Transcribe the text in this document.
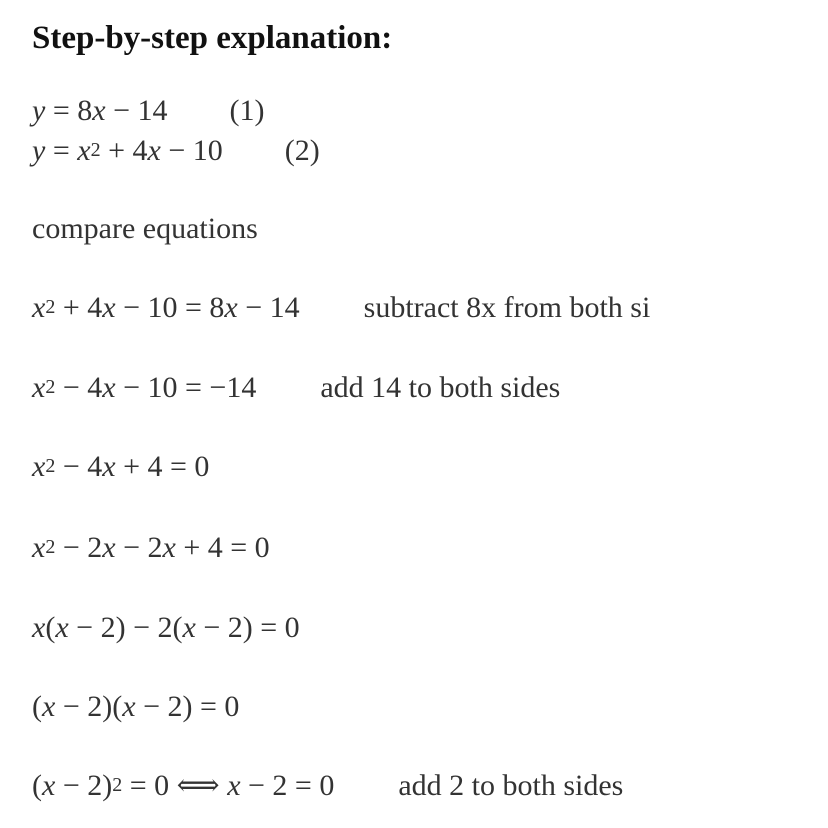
Step-by-step explanation:
y = 8x − 14 (1)
$y = x^2 + 4x - 10$ (2)
compare equations
$x^2 + 4x - 10 = 8x - 14$ subtract 8x from both si
$x^2 - 4x - 10 = -14$ add 14 to both sides
$x^2 - 4x + 4 = 0$
$x^2 - 2x - 2x + 4 = 0$
x(x − 2) − 2(x − 2) = 0
(x − 2)(x − 2) = 0
$(x - 2)^2 = 0$ ⟺ x − 2 = 0 add 2 to both sides
